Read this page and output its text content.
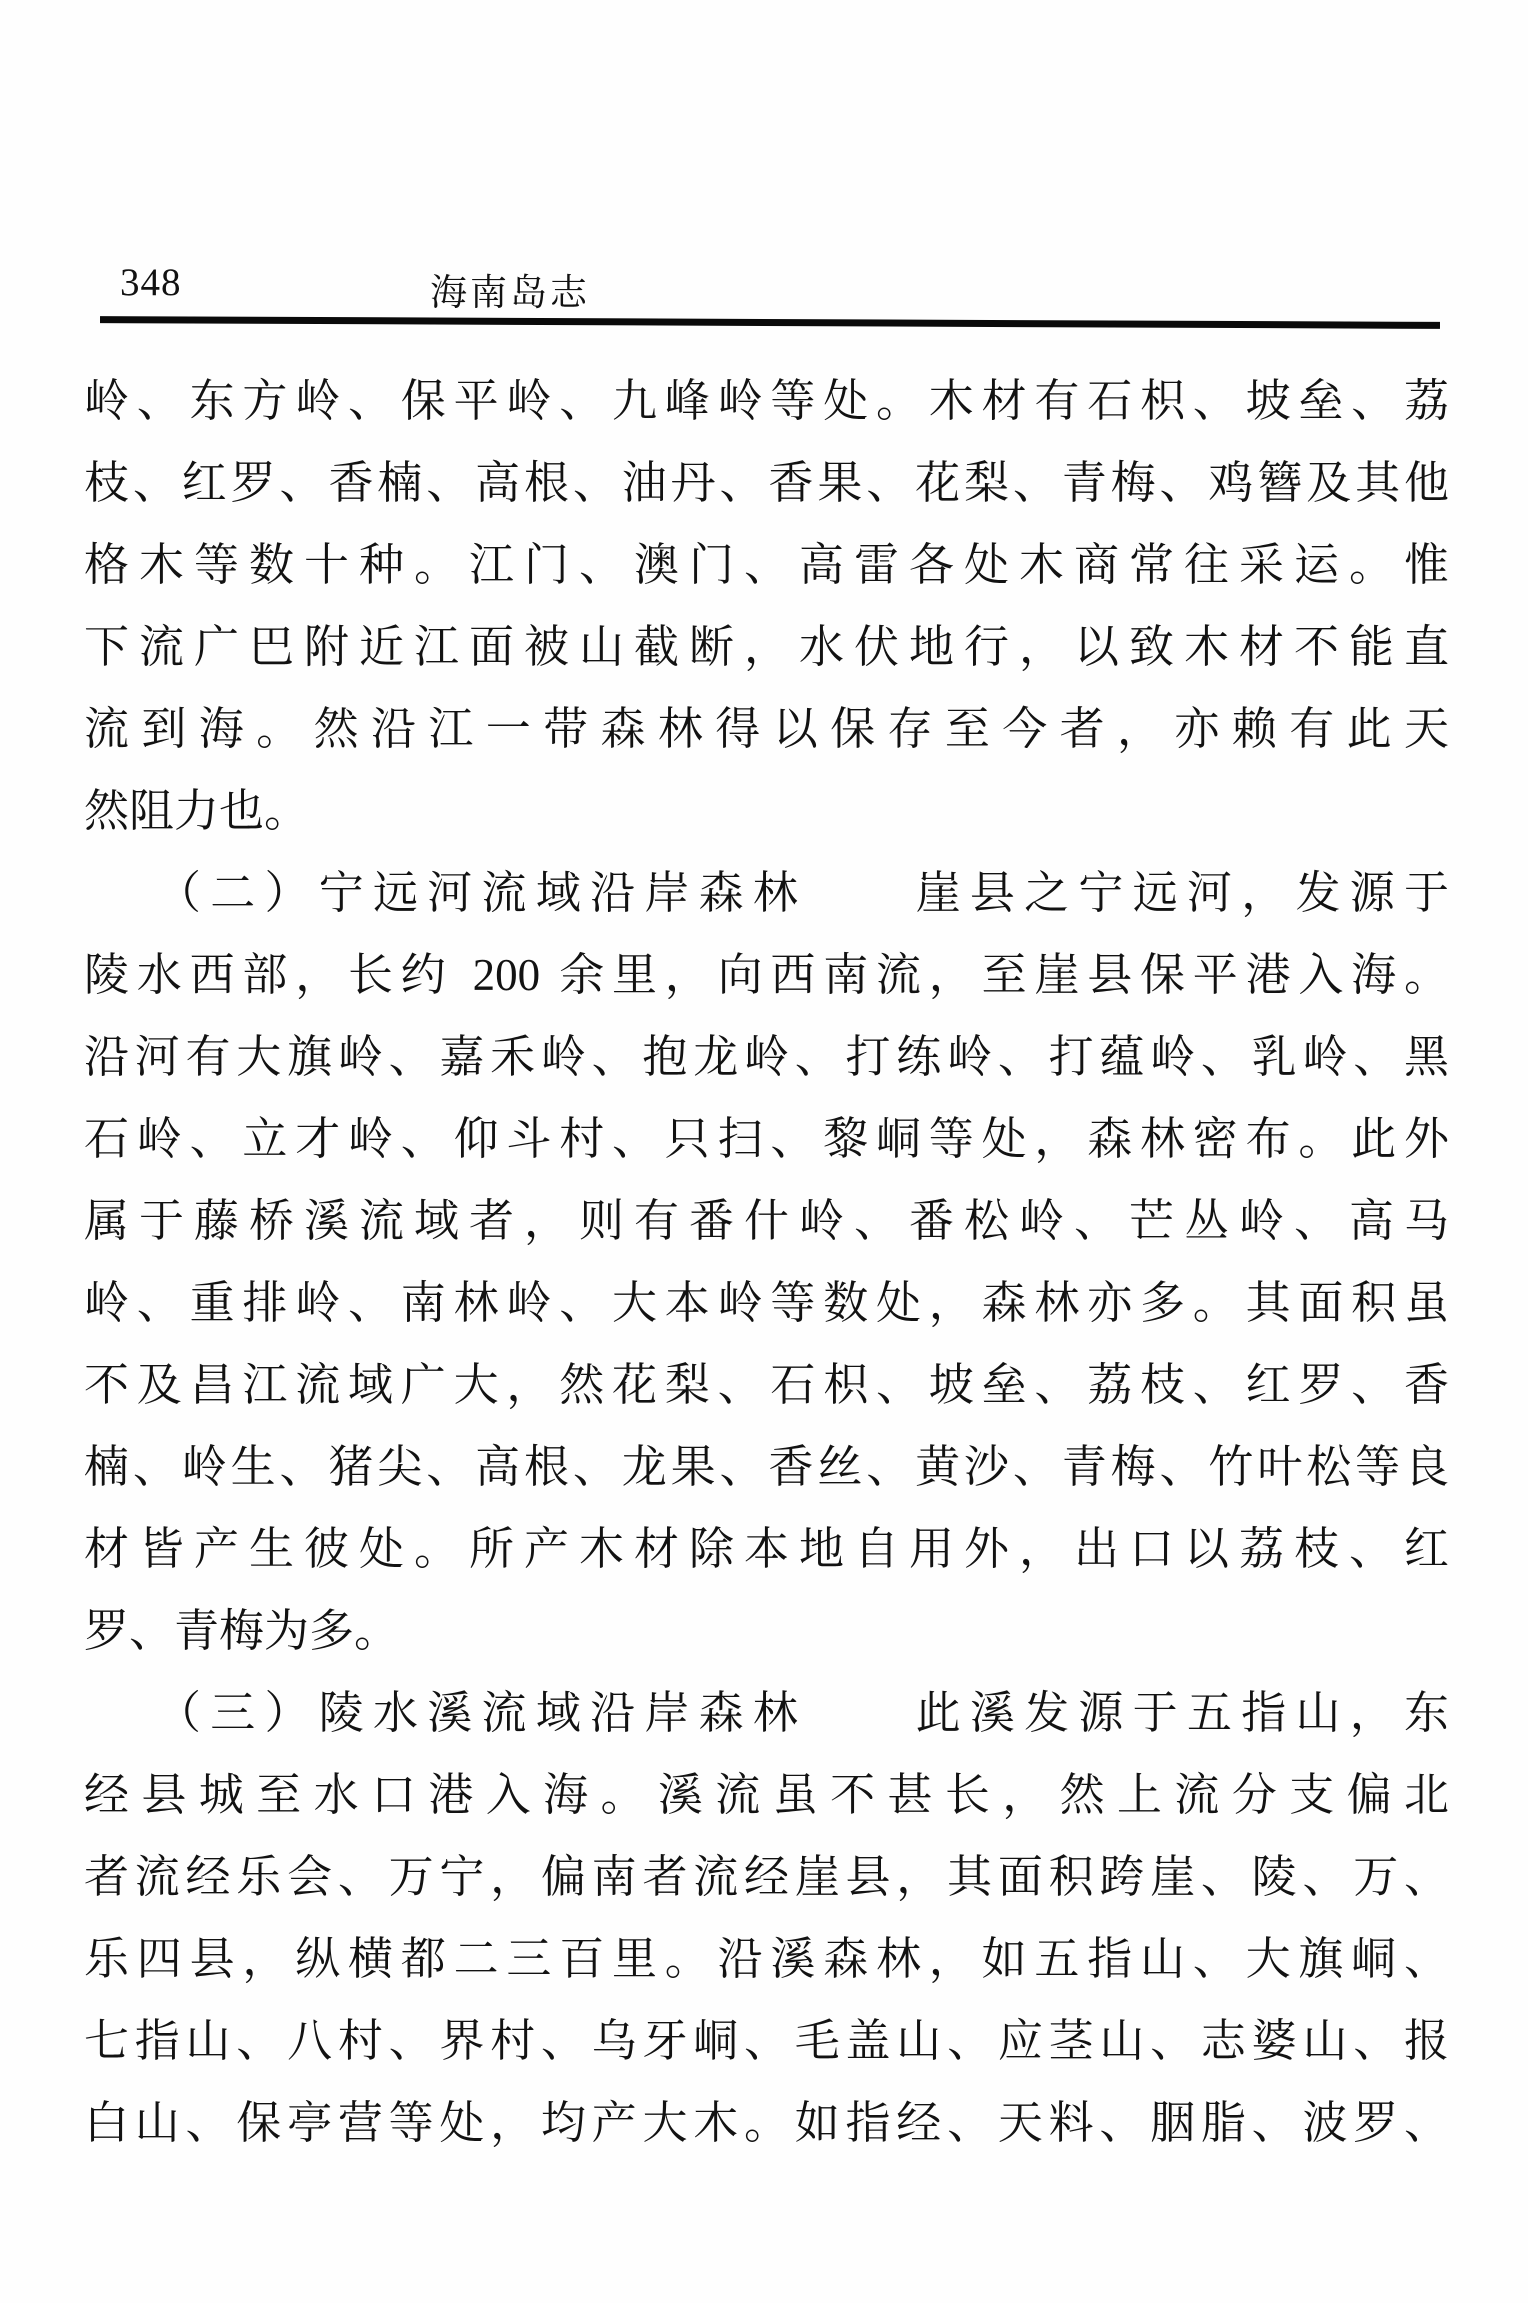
348	海南岛志
岭、东方岭、保平岭、九峰岭等处。木材有石枳、坡垒、荔
枝、红罗、香楠、高根、油丹、香果、花梨、青梅、鸡簪及其他
格木等数十种。江门、澳门、高雷各处木商常往采运。惟
下流广巴附近江面被山截断，水伏地行，以致木材不能直
流到海。然沿江一带森林得以保存至今者，亦赖有此天
然阻力也。
（二）宁远河流域沿岸森林　　崖县之宁远河，发源于
陵水西部，长约 200 余里，向西南流，至崖县保平港入海。
沿河有大旗岭、嘉禾岭、抱龙岭、打练岭、打蕴岭、乳岭、黑
石岭、立才岭、仰斗村、只扫、黎峒等处，森林密布。此外
属于藤桥溪流域者，则有番什岭、番松岭、芒丛岭、高马
岭、重排岭、南林岭、大本岭等数处，森林亦多。其面积虽
不及昌江流域广大，然花梨、石枳、坡垒、荔枝、红罗、香
楠、岭生、猪尖、高根、龙果、香丝、黄沙、青梅、竹叶松等良
材皆产生彼处。所产木材除本地自用外，出口以荔枝、红
罗、青梅为多。
（三）陵水溪流域沿岸森林　　此溪发源于五指山，东
经县城至水口港入海。溪流虽不甚长，然上流分支偏北
者流经乐会、万宁，偏南者流经崖县，其面积跨崖、陵、万、
乐四县，纵横都二三百里。沿溪森林，如五指山、大旗峒、
七指山、八村、界村、乌牙峒、毛盖山、应茎山、志婆山、报
白山、保亭营等处，均产大木。如指经、天料、胭脂、波罗、
